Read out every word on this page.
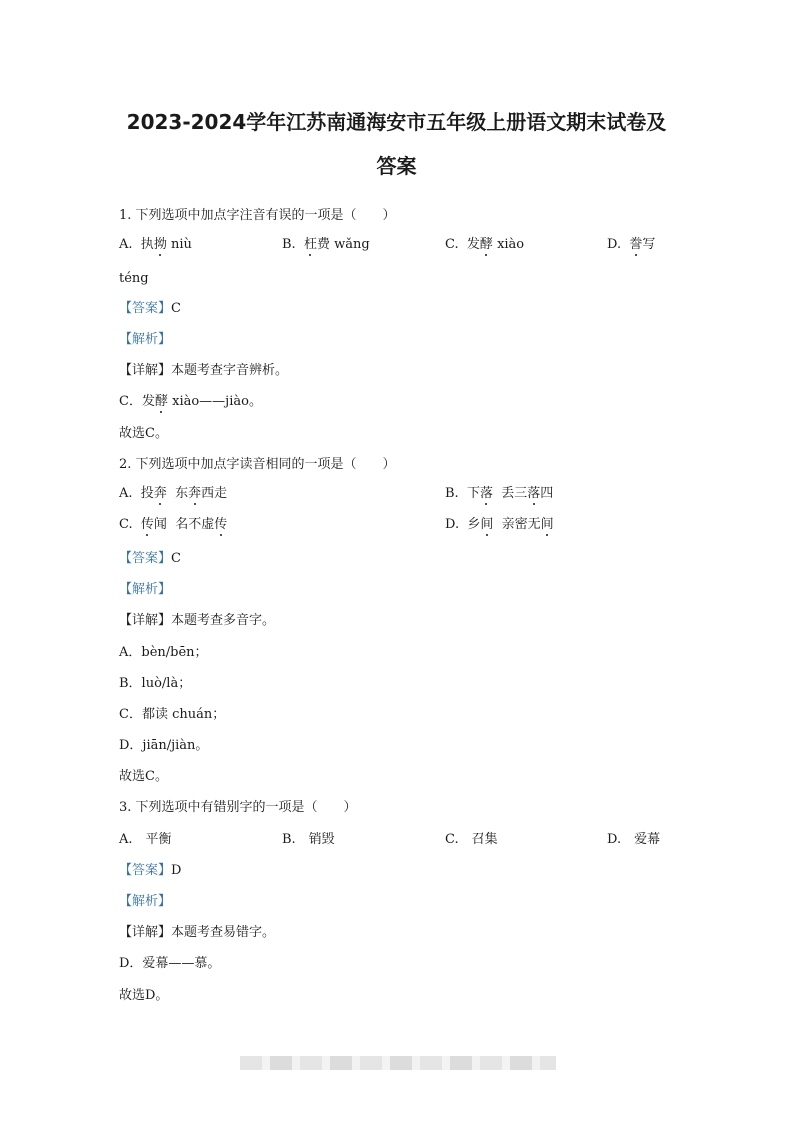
2023-2024学年江苏南通海安市五年级上册语文期末试卷及
答案
1. 下列选项中加点字注音有误的一项是（　　）
A. 执拗 niù	B. 枉费 wǎng	C. 发酵 xiào	D. 誊写
téng
【答案】C
【解析】
【详解】本题考查字音辨析。
C．发酵 xiào——jiào。
故选C。
2. 下列选项中加点字读音相同的一项是（　　）
A. 投奔 东奔西走	B. 下落 丢三落四
C. 传闻 名不虚传	D. 乡间 亲密无间
【答案】C
【解析】
【详解】本题考查多音字。
A．bèn/bēn；
B．luò/là；
C．都读 chuán；
D．jiān/jiàn。
故选C。
3. 下列选项中有错别字的一项是（　　）
A.　平衡	B.　销毁	C.　召集	D.　爱幕
【答案】D
【解析】
【详解】本题考查易错字。
D．爱幕——慕。
故选D。
